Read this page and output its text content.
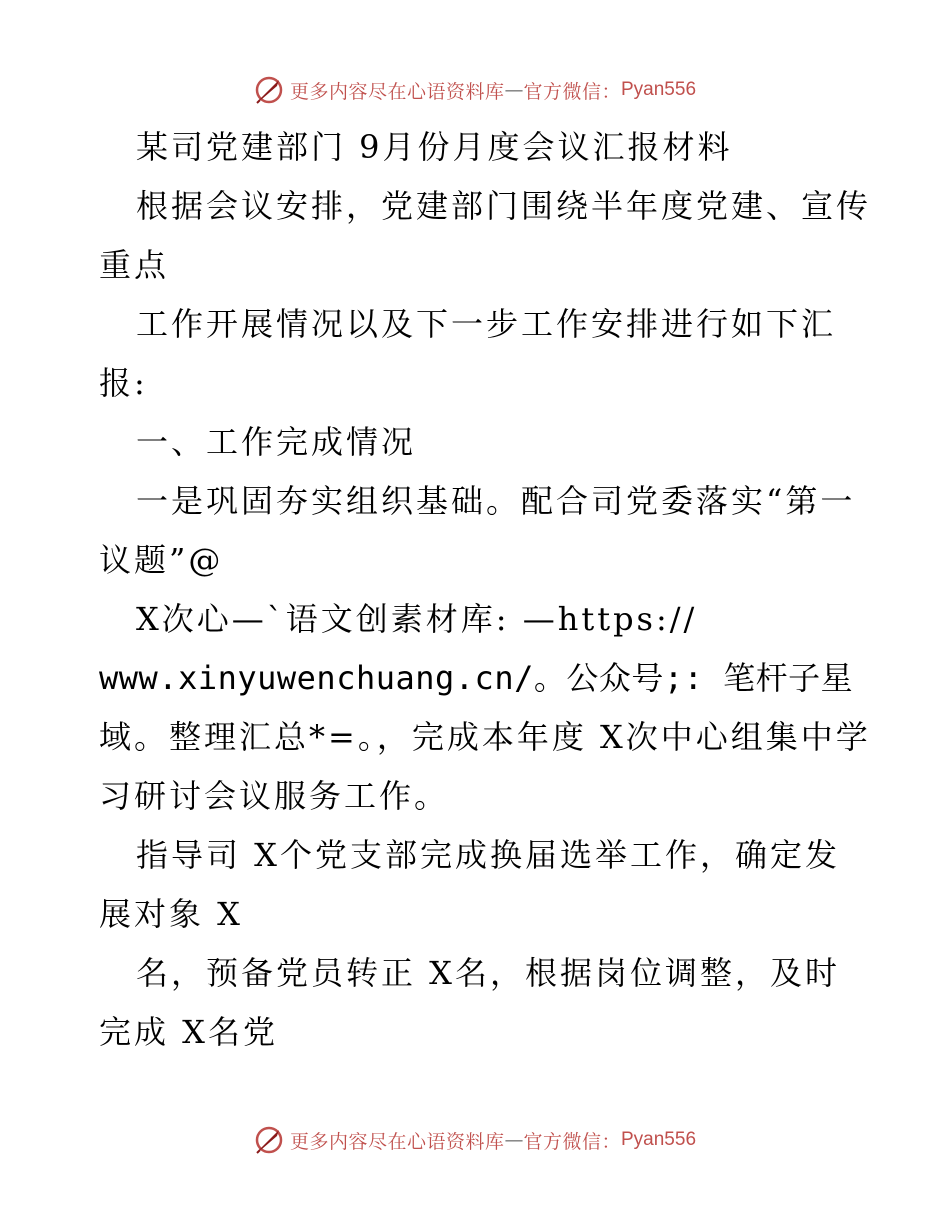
更多内容尽在心语资料库 — 官方微信： Pyan556
某司党建部门 9月份月度会议汇报材料
根据会议安排，党建部门围绕半年度党建、宣传
重点
工作开展情况以及下一步工作安排进行如下汇
报:
一、工作完成情况
一是巩固夯实组织基础。配合司党委落实“第一
议题”@
X次心—ˋ语文创素材库: —https://
www.xinyuwenchuang.cn/。公众号;: 笔杆子星
域。整理汇总*=。，完成本年度 X次中心组集中学
习研讨会议服务工作。
指导司 X个党支部完成换届选举工作，确定发
展对象 X
名，预备党员转正 X名，根据岗位调整，及时
完成 X名党
更多内容尽在心语资料库 — 官方微信： Pyan556
